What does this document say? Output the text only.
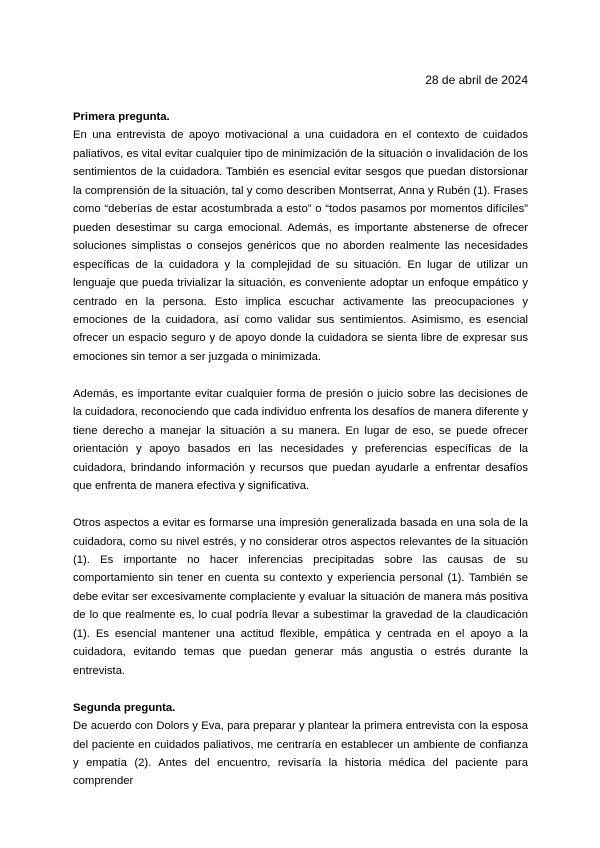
28 de abril de 2024
Primera pregunta.

En una entrevista de apoyo motivacional a una cuidadora en el contexto de cuidados paliativos, es vital evitar cualquier tipo de minimización de la situación o invalidación de los sentimientos de la cuidadora. También es esencial evitar sesgos que puedan distorsionar la comprensión de la situación, tal y como describen Montserrat, Anna y Rubén (1). Frases como “deberías de estar acostumbrada a esto” o “todos pasamos por momentos difíciles” pueden desestimar su carga emocional. Además, es importante abstenerse de ofrecer soluciones simplistas o consejos genéricos que no aborden realmente las necesidades específicas de la cuidadora y la complejidad de su situación. En lugar de utilizar un lenguaje que pueda trivializar la situación, es conveniente adoptar un enfoque empático y centrado en la persona. Esto implica escuchar activamente las preocupaciones y emociones de la cuidadora, así como validar sus sentimientos. Asimismo, es esencial ofrecer un espacio seguro y de apoyo donde la cuidadora se sienta libre de expresar sus emociones sin temor a ser juzgada o minimizada.

Además, es importante evitar cualquier forma de presión o juicio sobre las decisiones de la cuidadora, reconociendo que cada individuo enfrenta los desafíos de manera diferente y tiene derecho a manejar la situación a su manera. En lugar de eso, se puede ofrecer orientación y apoyo basados en las necesidades y preferencias específicas de la cuidadora, brindando información y recursos que puedan ayudarle a enfrentar desafíos que enfrenta de manera efectiva y significativa.

Otros aspectos a evitar es formarse una impresión generalizada basada en una sola de la cuidadora, como su nivel estrés, y no considerar otros aspectos relevantes de la situación (1). Es importante no hacer inferencias precipitadas sobre las causas de su comportamiento sin tener en cuenta su contexto y experiencia personal (1). También se debe evitar ser excesivamente complaciente y evaluar la situación de manera más positiva de lo que realmente es, lo cual podría llevar a subestimar la gravedad de la claudicación (1). Es esencial mantener una actitud flexible, empática y centrada en el apoyo a la cuidadora, evitando temas que puedan generar más angustia o estrés durante la entrevista.

Segunda pregunta.

De acuerdo con Dolors y Eva, para preparar y plantear la primera entrevista con la esposa del paciente en cuidados paliativos, me centraría en establecer un ambiente de confianza y empatía (2). Antes del encuentro, revisaría la historia médica del paciente para comprender
